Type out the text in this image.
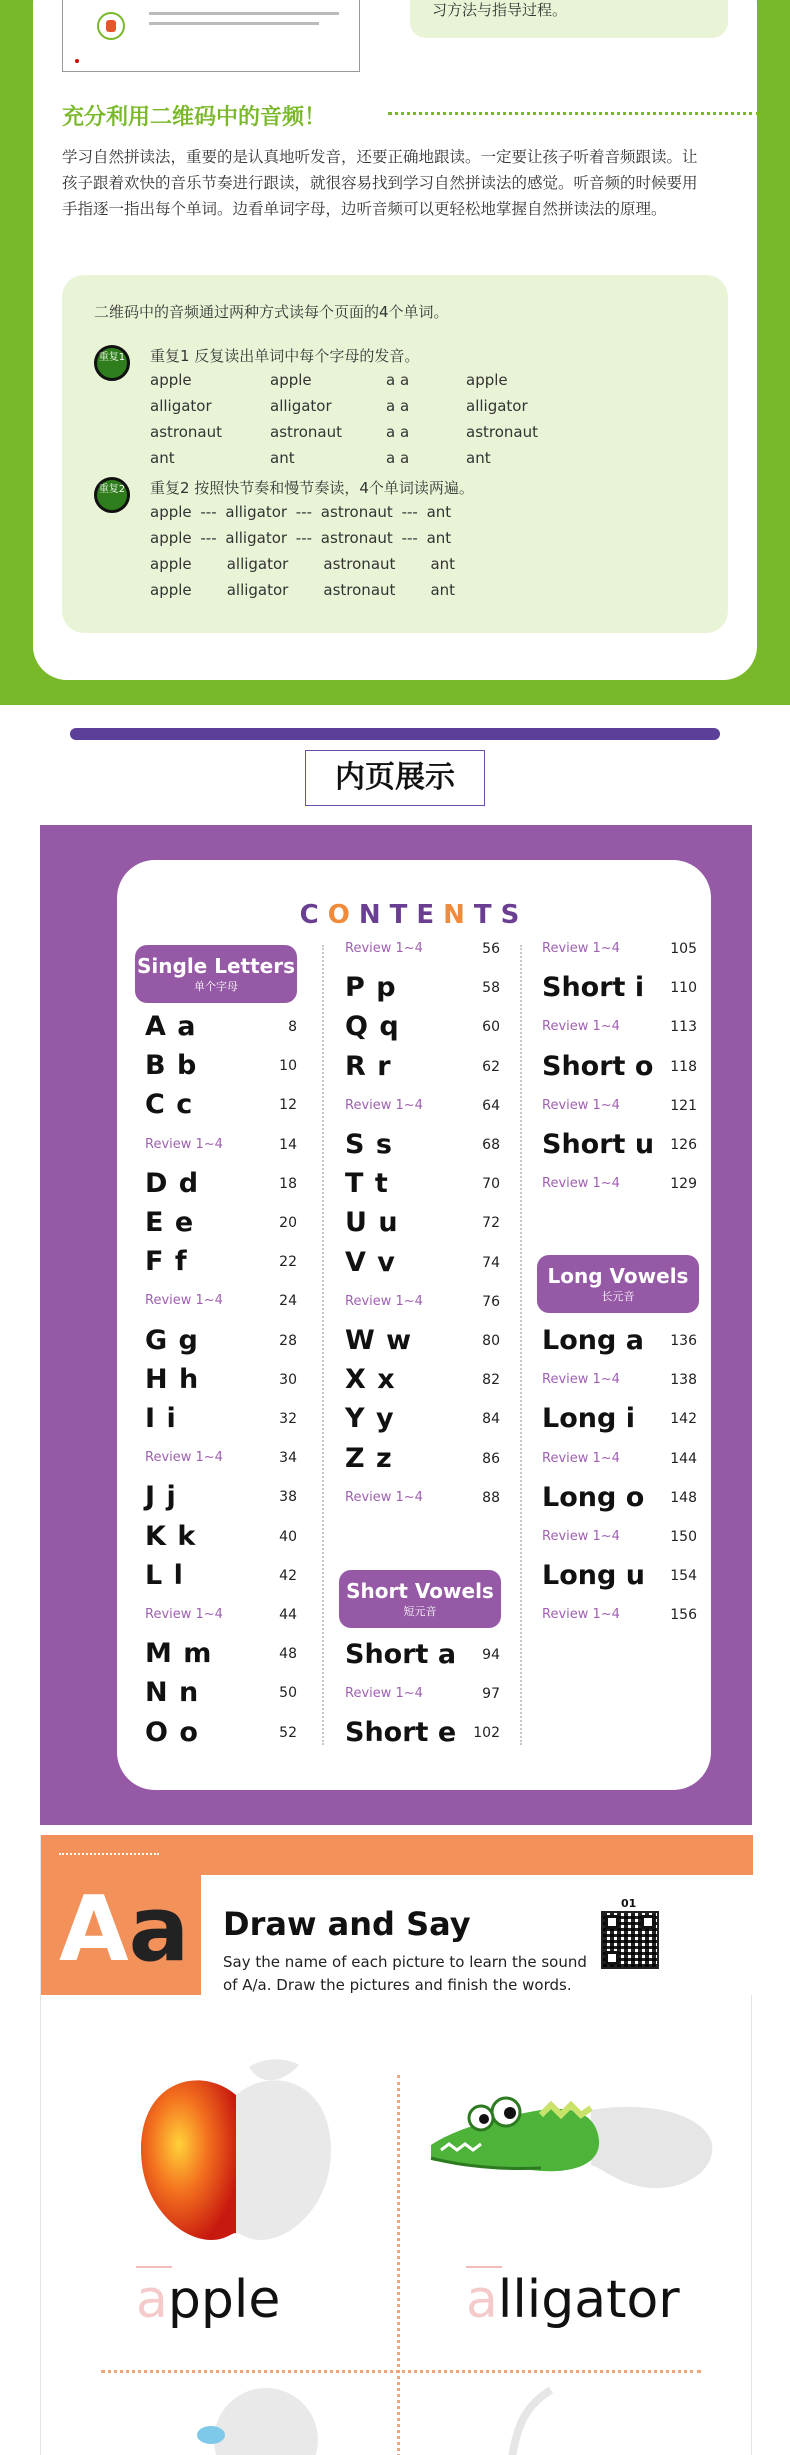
习方法与指导过程。
充分利用二维码中的音频！
学习自然拼读法，重要的是认真地听发音，还要正确地跟读。一定要让孩子听着音频跟读。让孩子跟着欢快的音乐节奏进行跟读，就很容易找到学习自然拼读法的感觉。听音频的时候要用手指逐一指出每个单词。边看单词字母，边听音频可以更轻松地掌握自然拼读法的原理。
二维码中的音频通过两种方式读每个页面的4个单词。
重复1	重复1 反复读出单词中每个字母的发音。
apple	apple	a a	apple
alligator	alligator	a a	alligator
astronaut	astronaut	a a	astronaut
ant	ant	a a	ant
重复2	重复2 按照快节奏和慢节奏读，4个单词读两遍。
apple --- alligator --- astronaut --- ant
apple --- alligator --- astronaut --- ant
apple    alligator    astronaut    ant
apple    alligator    astronaut    ant
内页展示
CONTENTS
Single Letters
单个字母
Short Vowels
短元音
Long Vowels
长元音
A a	8
B b	10
C c	12
Review 1~4	14
D d	18
E e	20
F f	22
Review 1~4	24
G g	28
H h	30
I i	32
Review 1~4	34
J j	38
K k	40
L l	42
Review 1~4	44
M m	48
N n	50
O o	52
Review 1~4	56
P p	58
Q q	60
R r	62
Review 1~4	64
S s	68
T t	70
U u	72
V v	74
Review 1~4	76
W w	80
X x	82
Y y	84
Z z	86
Review 1~4	88
Short a 94
Review 1~4	97
Short e 102
Review 1~4	105
Short i 110
Review 1~4	113
Short o 118
Review 1~4	121
Short u 126
Review 1~4	129
Long a 136
Review 1~4	138
Long i	142
Review 1~4	144
Long o 148
Review 1~4	150
Long u 154
Review 1~4	156
Aa Draw and Say
Say the name of each picture to learn the sound of A/a. Draw the pictures and finish the words.
01
apple	alligator
